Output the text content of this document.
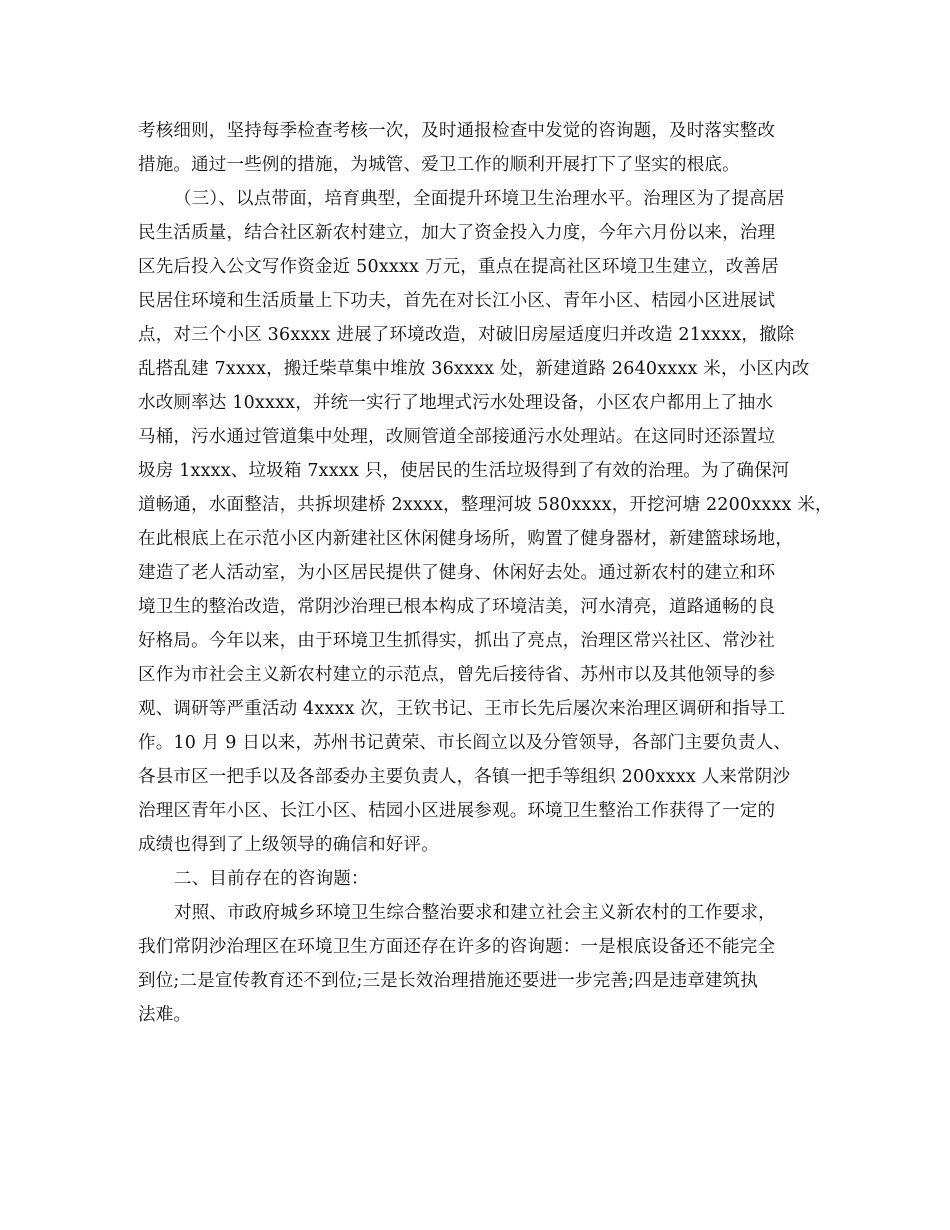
考核细则，坚持每季检查考核一次，及时通报检查中发觉的咨询题，及时落实整改
措施。通过一些例的措施，为城管、爱卫工作的顺利开展打下了坚实的根底。
（三）、以点带面，培育典型，全面提升环境卫生治理水平。治理区为了提高居
民生活质量，结合社区新农村建立，加大了资金投入力度，今年六月份以来，治理
区先后投入公文写作资金近 50xxxx 万元，重点在提高社区环境卫生建立，改善居
民居住环境和生活质量上下功夫，首先在对长江小区、青年小区、桔园小区进展试
点，对三个小区 36xxxx 进展了环境改造，对破旧房屋适度归并改造 21xxxx，撤除
乱搭乱建 7xxxx，搬迁柴草集中堆放 36xxxx 处，新建道路 2640xxxx 米，小区内改
水改厕率达 10xxxx，并统一实行了地埋式污水处理设备，小区农户都用上了抽水
马桶，污水通过管道集中处理，改厕管道全部接通污水处理站。在这同时还添置垃
圾房 1xxxx、垃圾箱 7xxxx 只，使居民的生活垃圾得到了有效的治理。为了确保河
道畅通，水面整洁，共拆坝建桥 2xxxx，整理河坡 580xxxx，开挖河塘 2200xxxx 米，
在此根底上在示范小区内新建社区休闲健身场所，购置了健身器材，新建篮球场地，
建造了老人活动室，为小区居民提供了健身、休闲好去处。通过新农村的建立和环
境卫生的整治改造，常阴沙治理已根本构成了环境洁美，河水清亮，道路通畅的良
好格局。今年以来，由于环境卫生抓得实，抓出了亮点，治理区常兴社区、常沙社
区作为市社会主义新农村建立的示范点，曾先后接待省、苏州市以及其他领导的参
观、调研等严重活动 4xxxx 次，王钦书记、王市长先后屡次来治理区调研和指导工
作。10 月 9 日以来，苏州书记黄荣、市长阎立以及分管领导，各部门主要负责人、
各县市区一把手以及各部委办主要负责人，各镇一把手等组织 200xxxx 人来常阴沙
治理区青年小区、长江小区、桔园小区进展参观。环境卫生整治工作获得了一定的
成绩也得到了上级领导的确信和好评。
二、目前存在的咨询题：
对照、市政府城乡环境卫生综合整治要求和建立社会主义新农村的工作要求，
我们常阴沙治理区在环境卫生方面还存在许多的咨询题：一是根底设备还不能完全
到位;二是宣传教育还不到位;三是长效治理措施还要进一步完善;四是违章建筑执
法难。
